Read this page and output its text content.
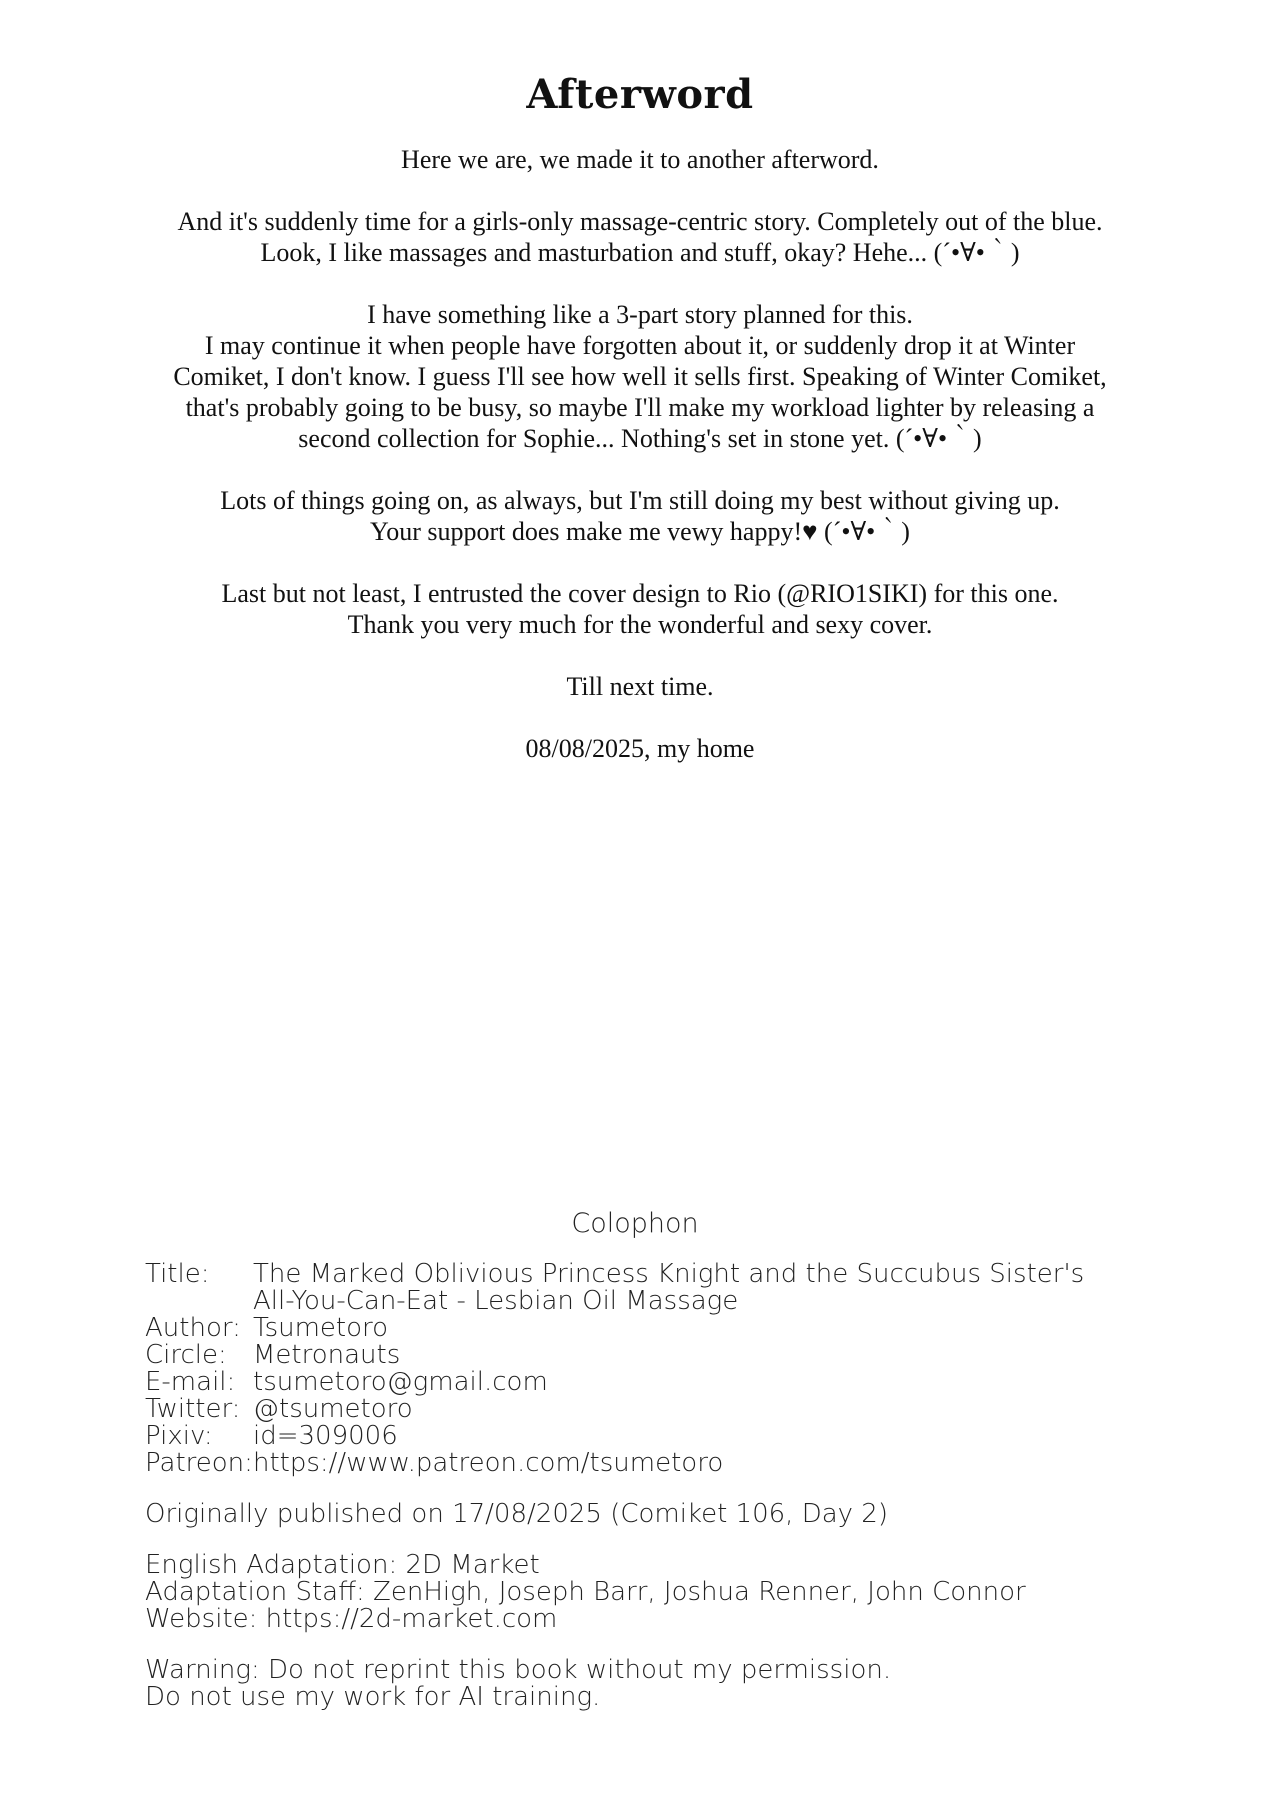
Afterword

Here we are, we made it to another afterword.

And it's suddenly time for a girls-only massage-centric story. Completely out of the blue.
Look, I like massages and masturbation and stuff, okay? Hehe... (´•∀•｀)

I have something like a 3-part story planned for this.
I may continue it when people have forgotten about it, or suddenly drop it at Winter
Comiket, I don't know. I guess I'll see how well it sells first. Speaking of Winter Comiket,
that's probably going to be busy, so maybe I'll make my workload lighter by releasing a
second collection for Sophie... Nothing's set in stone yet. (´•∀•｀)

Lots of things going on, as always, but I'm still doing my best without giving up.
Your support does make me vewy happy!♥ (´•∀•｀)

Last but not least, I entrusted the cover design to Rio (@RIO1SIKI) for this one.
Thank you very much for the wonderful and sexy cover.

Till next time.

08/08/2025, my home

Colophon
Title:	The Marked Oblivious Princess Knight and the Succubus Sister's
All-You-Can-Eat - Lesbian Oil Massage
Author: Tsumetoro
Circle:	Metronauts
E-mail: tsumetoro@gmail.com
Twitter: @tsumetoro
Pixiv:	id=309006
Patreon: https://www.patreon.com/tsumetoro
Originally published on 17/08/2025 (Comiket 106, Day 2)
English Adaptation: 2D Market
Adaptation Staff: ZenHigh, Joseph Barr, Joshua Renner, John Connor
Website: https://2d-market.com
Warning: Do not reprint this book without my permission.
Do not use my work for AI training.
